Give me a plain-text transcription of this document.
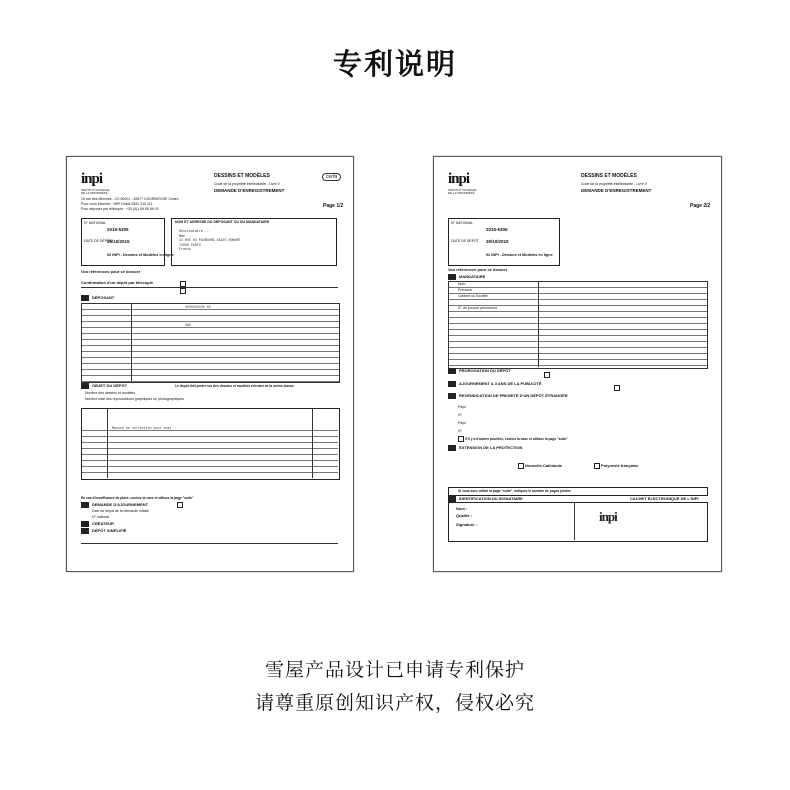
专利说明
inpi
INSTITUT NATIONAL
DE LA PROPRIÉTÉ
DESSINS ET MODÈLES
Code de la propriété intellectuelle - Livre V
DEMANDE D'ENREGISTREMENT
cerfa
Page 1/2
15 rue des Minimes - CS 50001 - 92677 COURBEVOIE Cedex
Pour vous informer : INPI Direct 0820 210 211
Pour déposer par télécopie : +33 (0)1 56 65 86 00
N° NATIONAL
2015-5305
DATE DE DÉPÔT
29/10/2015
92 INPI - Dessins et Modèles en ligne
NOM ET ADRESSE DU DÉPOSANT OU DU MANDATAIRE
Destinataire ...
Mme ...
41 RUE DU FAUBOURG SAINT-HONORÉ
75008 PARIS
France
Vos références pour ce dossier
Confirmation d'un dépôt par télécopie
DÉPOSANT
XXXXXXXXXX XX
SAS
OBJET DU DÉPÔT	Le dépôt doit porter sur des dessins et modèles relevant de la même classe.
Nombre des dessins et modèles
Nombre total des reproductions graphiques ou photographiques
Maison de collection pour chat
En cas d'insuffisance de place, cochez la case et utilisez la page "suite"
DEMANDE D'AJOURNEMENT
Date de dépôt de la demande initiale
N° national
CRÉATEUR
DÉPÔT SIMPLIFIÉ
inpi
INSTITUT NATIONAL
DE LA PROPRIÉTÉ
DESSINS ET MODÈLES
Code de la propriété intellectuelle - Livre V
DEMANDE D'ENREGISTREMENT
Page 2/2
N° NATIONAL
2015-5305
DATE DE DÉPÔT 29/10/2015
92 INPI - Dessins et Modèles en ligne
Vos références pour ce dossier
MANDATAIRE
Nom
Prénoms
Cabinet ou Société
N° de pouvoir permanent
PROROGATION DU DÉPÔT
AJOURNEMENT A 3 ANS DE LA PUBLICITÉ
REVENDICATION DE PRIORITÉ D'UN DÉPÔT ÉTRANGER
Pays
N°
Pays
N°
S'il y a d'autres priorités, cochez la case et utilisez la page "suite"
EXTENSION DE LA PROTECTION
Nouvelle-Calédonie	Polynésie française
Si vous avez utilisé la page "suite", indiquez le nombre de pages jointes
IDENTIFICATION DU SIGNATAIRE	CACHET ÉLECTRONIQUE DE L'INPI
Nom :
Qualité :
Signature :
inpi
雪屋产品设计已申请专利保护
请尊重原创知识产权，侵权必究
